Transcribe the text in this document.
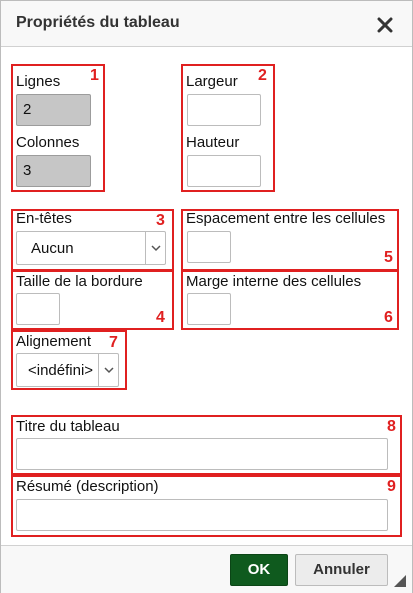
Propriétés du tableau
1
Lignes
2
Colonnes
3
2
Largeur
Hauteur
3
En-têtes
Aucun
5
Espacement entre les cellules
4
Taille de la bordure
6
Marge interne des cellules
7
Alignement
<indéfini>
8
Titre du tableau
9
Résumé (description)
OK	Annuler
